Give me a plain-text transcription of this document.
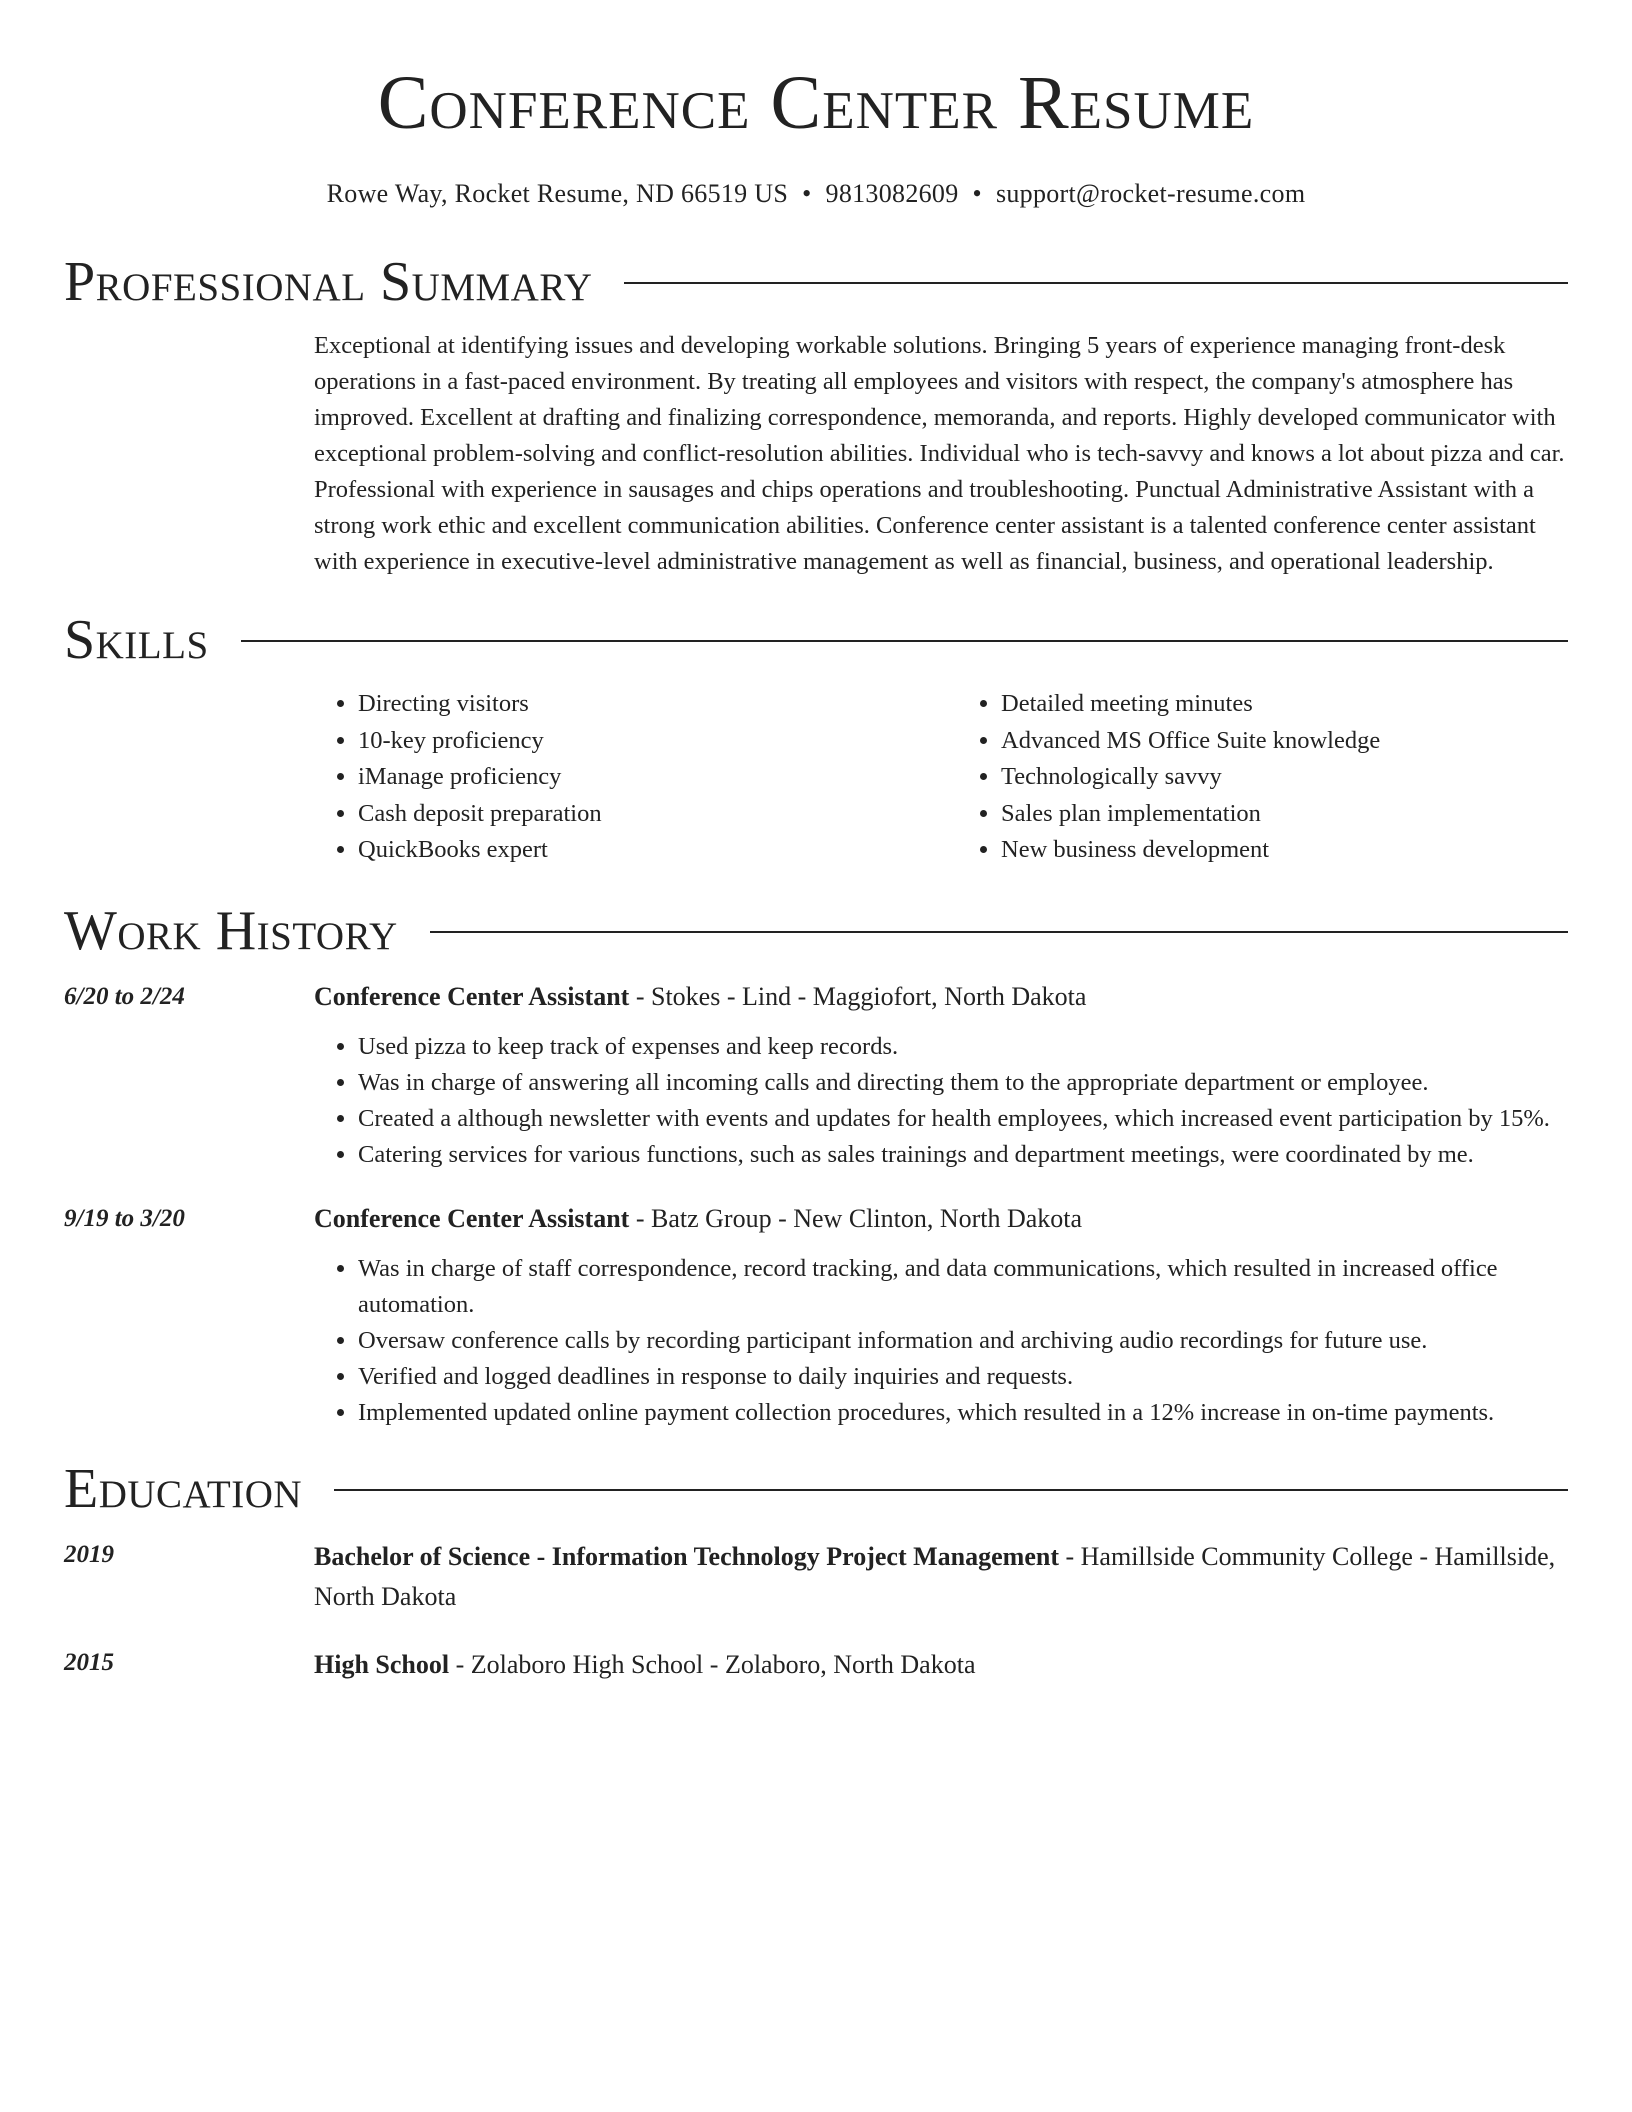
Conference Center Resume
Rowe Way, Rocket Resume, ND 66519 US • 9813082609 • support@rocket-resume.com
Professional Summary
Exceptional at identifying issues and developing workable solutions. Bringing 5 years of experience managing front-desk operations in a fast-paced environment. By treating all employees and visitors with respect, the company's atmosphere has improved. Excellent at drafting and finalizing correspondence, memoranda, and reports. Highly developed communicator with exceptional problem-solving and conflict-resolution abilities. Individual who is tech-savvy and knows a lot about pizza and car. Professional with experience in sausages and chips operations and troubleshooting. Punctual Administrative Assistant with a strong work ethic and excellent communication abilities. Conference center assistant is a talented conference center assistant with experience in executive-level administrative management as well as financial, business, and operational leadership.
Skills
• Directing visitors
• 10-key proficiency
• iManage proficiency
• Cash deposit preparation
• QuickBooks expert
• Detailed meeting minutes
• Advanced MS Office Suite knowledge
• Technologically savvy
• Sales plan implementation
• New business development
Work History
6/20 to 2/24	Conference Center Assistant - Stokes - Lind - Maggiofort, North Dakota
• Used pizza to keep track of expenses and keep records.
• Was in charge of answering all incoming calls and directing them to the appropriate department or employee.
• Created a although newsletter with events and updates for health employees, which increased event participation by 15%.
• Catering services for various functions, such as sales trainings and department meetings, were coordinated by me.
9/19 to 3/20	Conference Center Assistant - Batz Group - New Clinton, North Dakota
• Was in charge of staff correspondence, record tracking, and data communications, which resulted in increased office automation.
• Oversaw conference calls by recording participant information and archiving audio recordings for future use.
• Verified and logged deadlines in response to daily inquiries and requests.
• Implemented updated online payment collection procedures, which resulted in a 12% increase in on-time payments.
Education
2019	Bachelor of Science - Information Technology Project Management - Hamillside Community College - Hamillside, North Dakota
2015	High School - Zolaboro High School - Zolaboro, North Dakota
